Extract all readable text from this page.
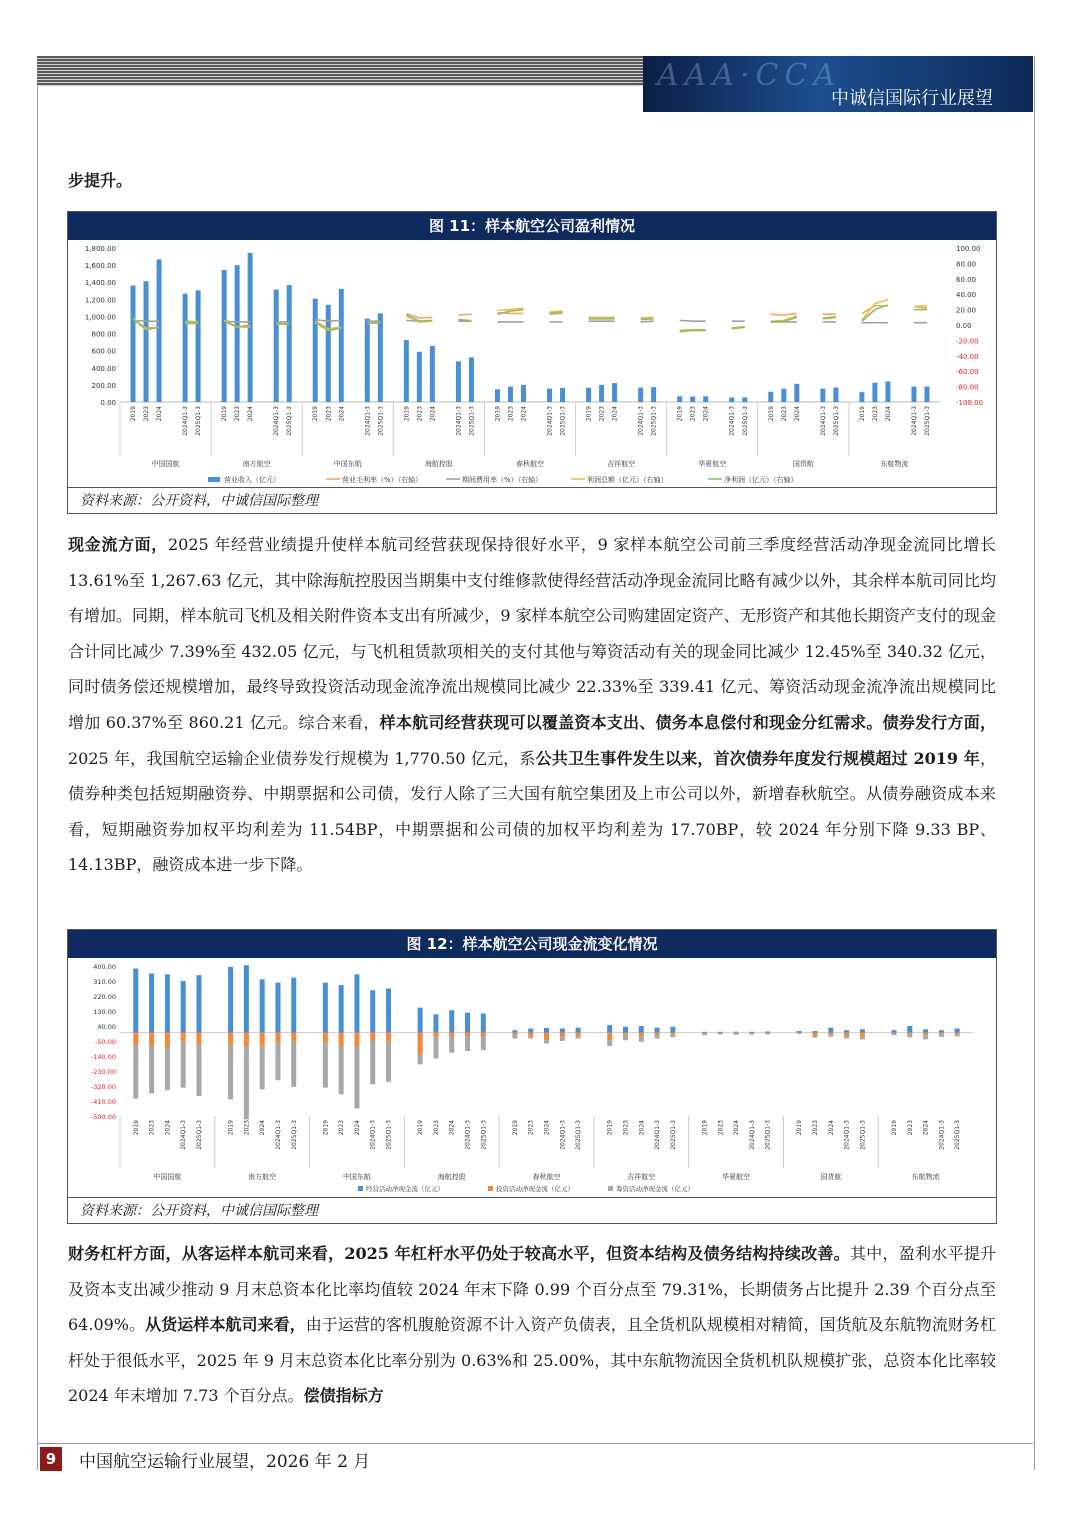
AAA·CCA
中诚信国际行业展望
步提升。
图 11：样本航空公司盈利情况
1,800.00
1,600.00
1,400.00
1,200.00
1,000.00
800.00
600.00
400.00
200.00
0.00
100.00
80.00
60.00
40.00
20.00
0.00
-20.00
-40.00
-60.00
-80.00
-100.00
2019 2023 2024	2024Q1-3 2025Q1-3
中国国航
2019 2023 2024	2024Q1-3 2025Q1-3
南方航空
2019 2023 2024	2024Q1-3 2025Q1-3
中国东航
2019 2023 2024	2024Q1-3 2025Q1-3
海航控股
2019 2023 2024	2024Q1-3 2025Q1-3
春秋航空
2019 2023 2024	2024Q1-3 2025Q1-3
吉祥航空
2019 2023 2024	2024Q1-3 2025Q1-3
华夏航空
2019 2023 2024	2024Q1-3 2025Q1-3
国货航
2019 2023 2024	2024Q1-3 2025Q1-3
东航物流
营业收入（亿元）	营业毛利率（%）（右轴）	期间费用率（%）（右轴）	利润总额（亿元）（右轴）	净利润（亿元）（右轴）
资料来源：公开资料，中诚信国际整理

现金流方面，2025 年经营业绩提升使样本航司经营获现保持很好水平，9 家样本航空公司前三季度经营活动净现金流同比增长 13.61%至 1,267.63 亿元，其中除海航控股因当期集中支付维修款使得经营活动净现金流同比略有减少以外，其余样本航司同比均有增加。同期，样本航司飞机及相关附件资本支出有所减少，9 家样本航空公司购建固定资产、无形资产和其他长期资产支付的现金合计同比减少 7.39%至 432.05 亿元，与飞机租赁款项相关的支付其他与筹资活动有关的现金同比减少 12.45%至 340.32 亿元，同时债务偿还规模增加，最终导致投资活动现金流净流出规模同比减少 22.33%至 339.41 亿元、筹资活动现金流净流出规模同比增加 60.37%至 860.21 亿元。综合来看，样本航司经营获现可以覆盖资本支出、债务本息偿付和现金分红需求。债券发行方面，2025 年，我国航空运输企业债券发行规模为 1,770.50 亿元，系公共卫生事件发生以来，首次债券年度发行规模超过 2019 年，债券种类包括短期融资券、中期票据和公司债，发行人除了三大国有航空集团及上市公司以外，新增春秋航空。从债券融资成本来看，短期融资券加权平均利差为 11.54BP，中期票据和公司债的加权平均利差为 17.70BP，较 2024 年分别下降 9.33 BP、14.13BP，融资成本进一步下降。

图 12：样本航空公司现金流变化情况
400.00
310.00
220.00
130.00
40.00
-50.00
-140.00
-230.00
-320.00
-410.00
-500.00
2019 2023 2024 2024Q1-3 2025Q1-3
中国国航
2019 2023 2024 2024Q1-3 2025Q1-3
南方航空
2019 2023 2024 2024Q1-3 2025Q1-3
中国东航
2019 2023 2024 2024Q1-3 2025Q1-3
海航控股
2019 2023 2024 2024Q1-3 2025Q1-3
春秋航空
2019 2023 2024 2024Q1-3 2025Q1-3
吉祥航空
2019 2023 2024 2024Q1-3 2025Q1-3
华夏航空
2019 2023 2024 2024Q1-3 2025Q1-3
国货航
2019 2023 2024 2024Q1-3 2025Q1-3
东航物流
经营活动净现金流（亿元）	投资活动净现金流（亿元）	筹资活动净现金流（亿元）
资料来源：公开资料，中诚信国际整理

财务杠杆方面，从客运样本航司来看，2025 年杠杆水平仍处于较高水平，但资本结构及债务结构持续改善。其中，盈利水平提升及资本支出减少推动 9 月末总资本化比率均值较 2024 年末下降 0.99 个百分点至 79.31%，长期债务占比提升 2.39 个百分点至 64.09%。从货运样本航司来看，由于运营的客机腹舱资源不计入资产负债表，且全货机队规模相对精简，国货航及东航物流财务杠杆处于很低水平，2025 年 9 月末总资本化比率分别为 0.63%和 25.00%，其中东航物流因全货机机队规模扩张，总资本化比率较 2024 年末增加 7.73 个百分点。偿债指标方

9	中国航空运输行业展望，2026 年 2 月
